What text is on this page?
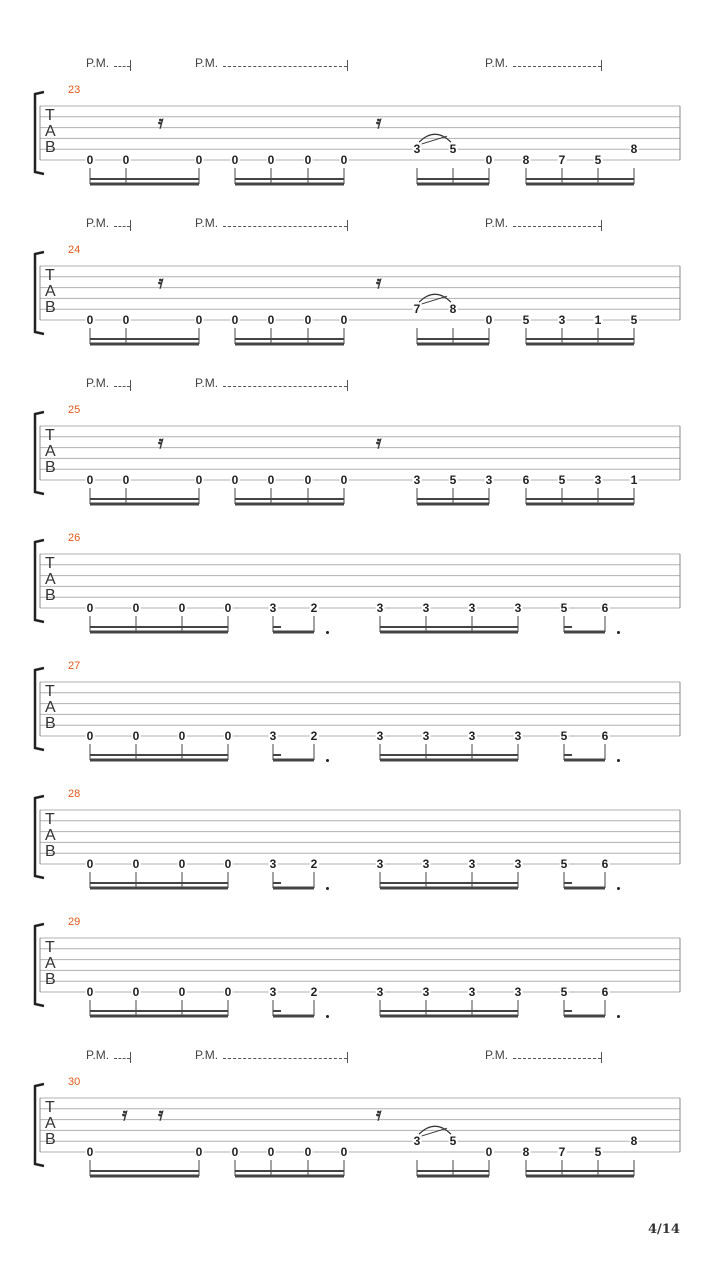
23
T
A
B
P.M.	P.M.	P.M.
𝄿	𝄿
0 0	0 0 0	0 0
3 5
0	8 7 5
8
24
T
A
B
P.M.	P.M.	P.M.
𝄿	𝄿
0 0	0 0 0	0 0
7 8
0	5 3 1 5
25
T
A
B
P.M.	P.M.
𝄿	𝄿
0 0	0 0 0	0 0	3 5 3	6 5 3 1
26
T
A
B
0	0	0	0	3	2	3	3	3	3	5	6
27
T
A
B
0	0	0	0	3	2	3	3	3	3	5	6
28
T
A
B
0	0	0	0	3	2	3	3	3	3	5	6
29
T
A
B
0	0	0	0	3	2	3	3	3	3	5	6
30
T
A
B
P.M.	P.M.	P.M.
𝄿 𝄿	𝄿
0	0 0 0	0 0
3 5
0	8 7 5
8
4/14
